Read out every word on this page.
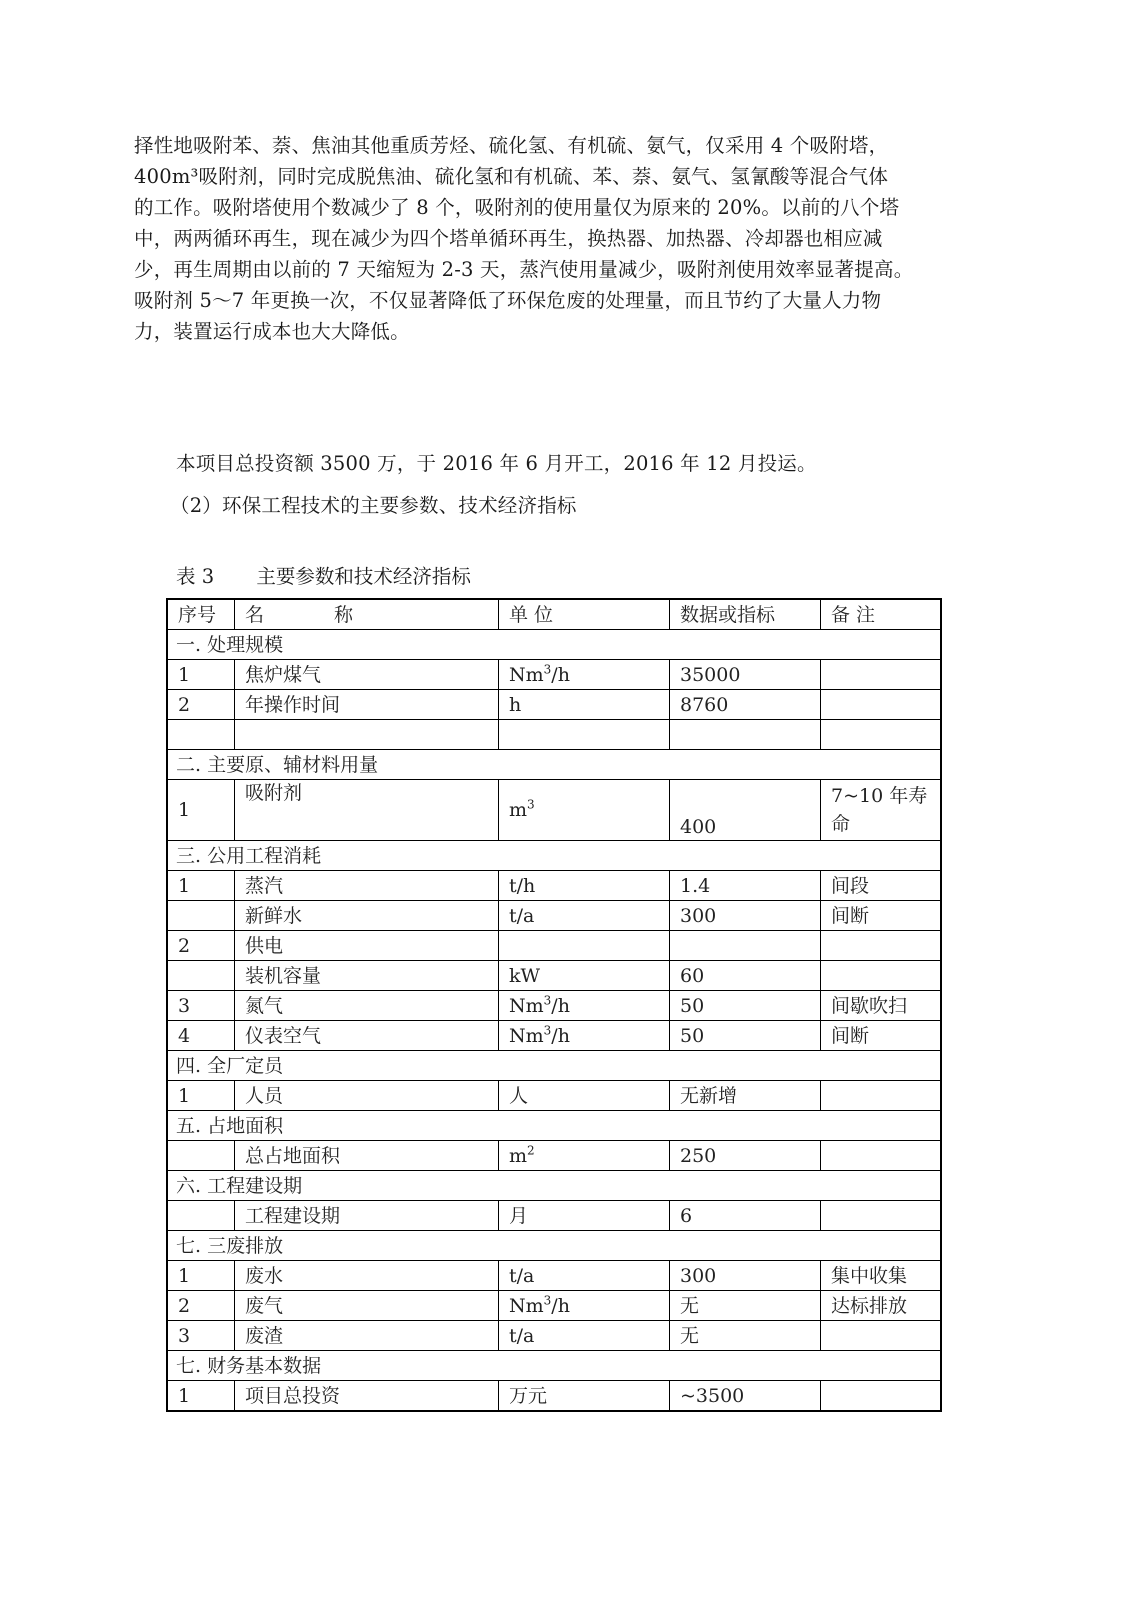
择性地吸附苯、萘、焦油其他重质芳烃、硫化氢、有机硫、氨气，仅采用 4 个吸附塔，
400m³吸附剂，同时完成脱焦油、硫化氢和有机硫、苯、萘、氨气、氢氰酸等混合气体
的工作。吸附塔使用个数减少了 8 个，吸附剂的使用量仅为原来的 20%。以前的八个塔
中，两两循环再生，现在减少为四个塔单循环再生，换热器、加热器、冷却器也相应减
少，再生周期由以前的 7 天缩短为 2-3 天，蒸汽使用量减少，吸附剂使用效率显著提高。
吸附剂 5～7 年更换一次，不仅显著降低了环保危废的处理量，而且节约了大量人力物
力，装置运行成本也大大降低。
本项目总投资额 3500 万，于 2016 年 6 月开工，2016 年 12 月投运。
（2）环保工程技术的主要参数、技术经济指标
表 3 主要参数和技术经济指标
序号	名 称	单 位	数据或指标	备 注
一. 处理规模				
1	焦炉煤气	Nm$^3$/h	35000	
2	年操作时间	h	8760	

二. 主要原、辅材料用量				
1	吸附剂	$m^3$	400	7~10 年寿命
三. 公用工程消耗				
1	蒸汽	t/h	1.4	间段
	新鲜水	t/a	300	间断
2	供电			
	装机容量	kW	60	
3	氮气	Nm$^3$/h	50	间歇吹扫
4	仪表空气	Nm$^3$/h	50	间断
四. 全厂定员				
1	人员	人	无新增	
五. 占地面积				
	总占地面积	$m^2$	250	
六. 工程建设期				
	工程建设期	月	6	
七. 三废排放				
1	废水	t/a	300	集中收集
2	废气	Nm$^3$/h	无	达标排放
3	废渣	t/a	无	
七. 财务基本数据				
1	项目总投资	万元	~3500	
